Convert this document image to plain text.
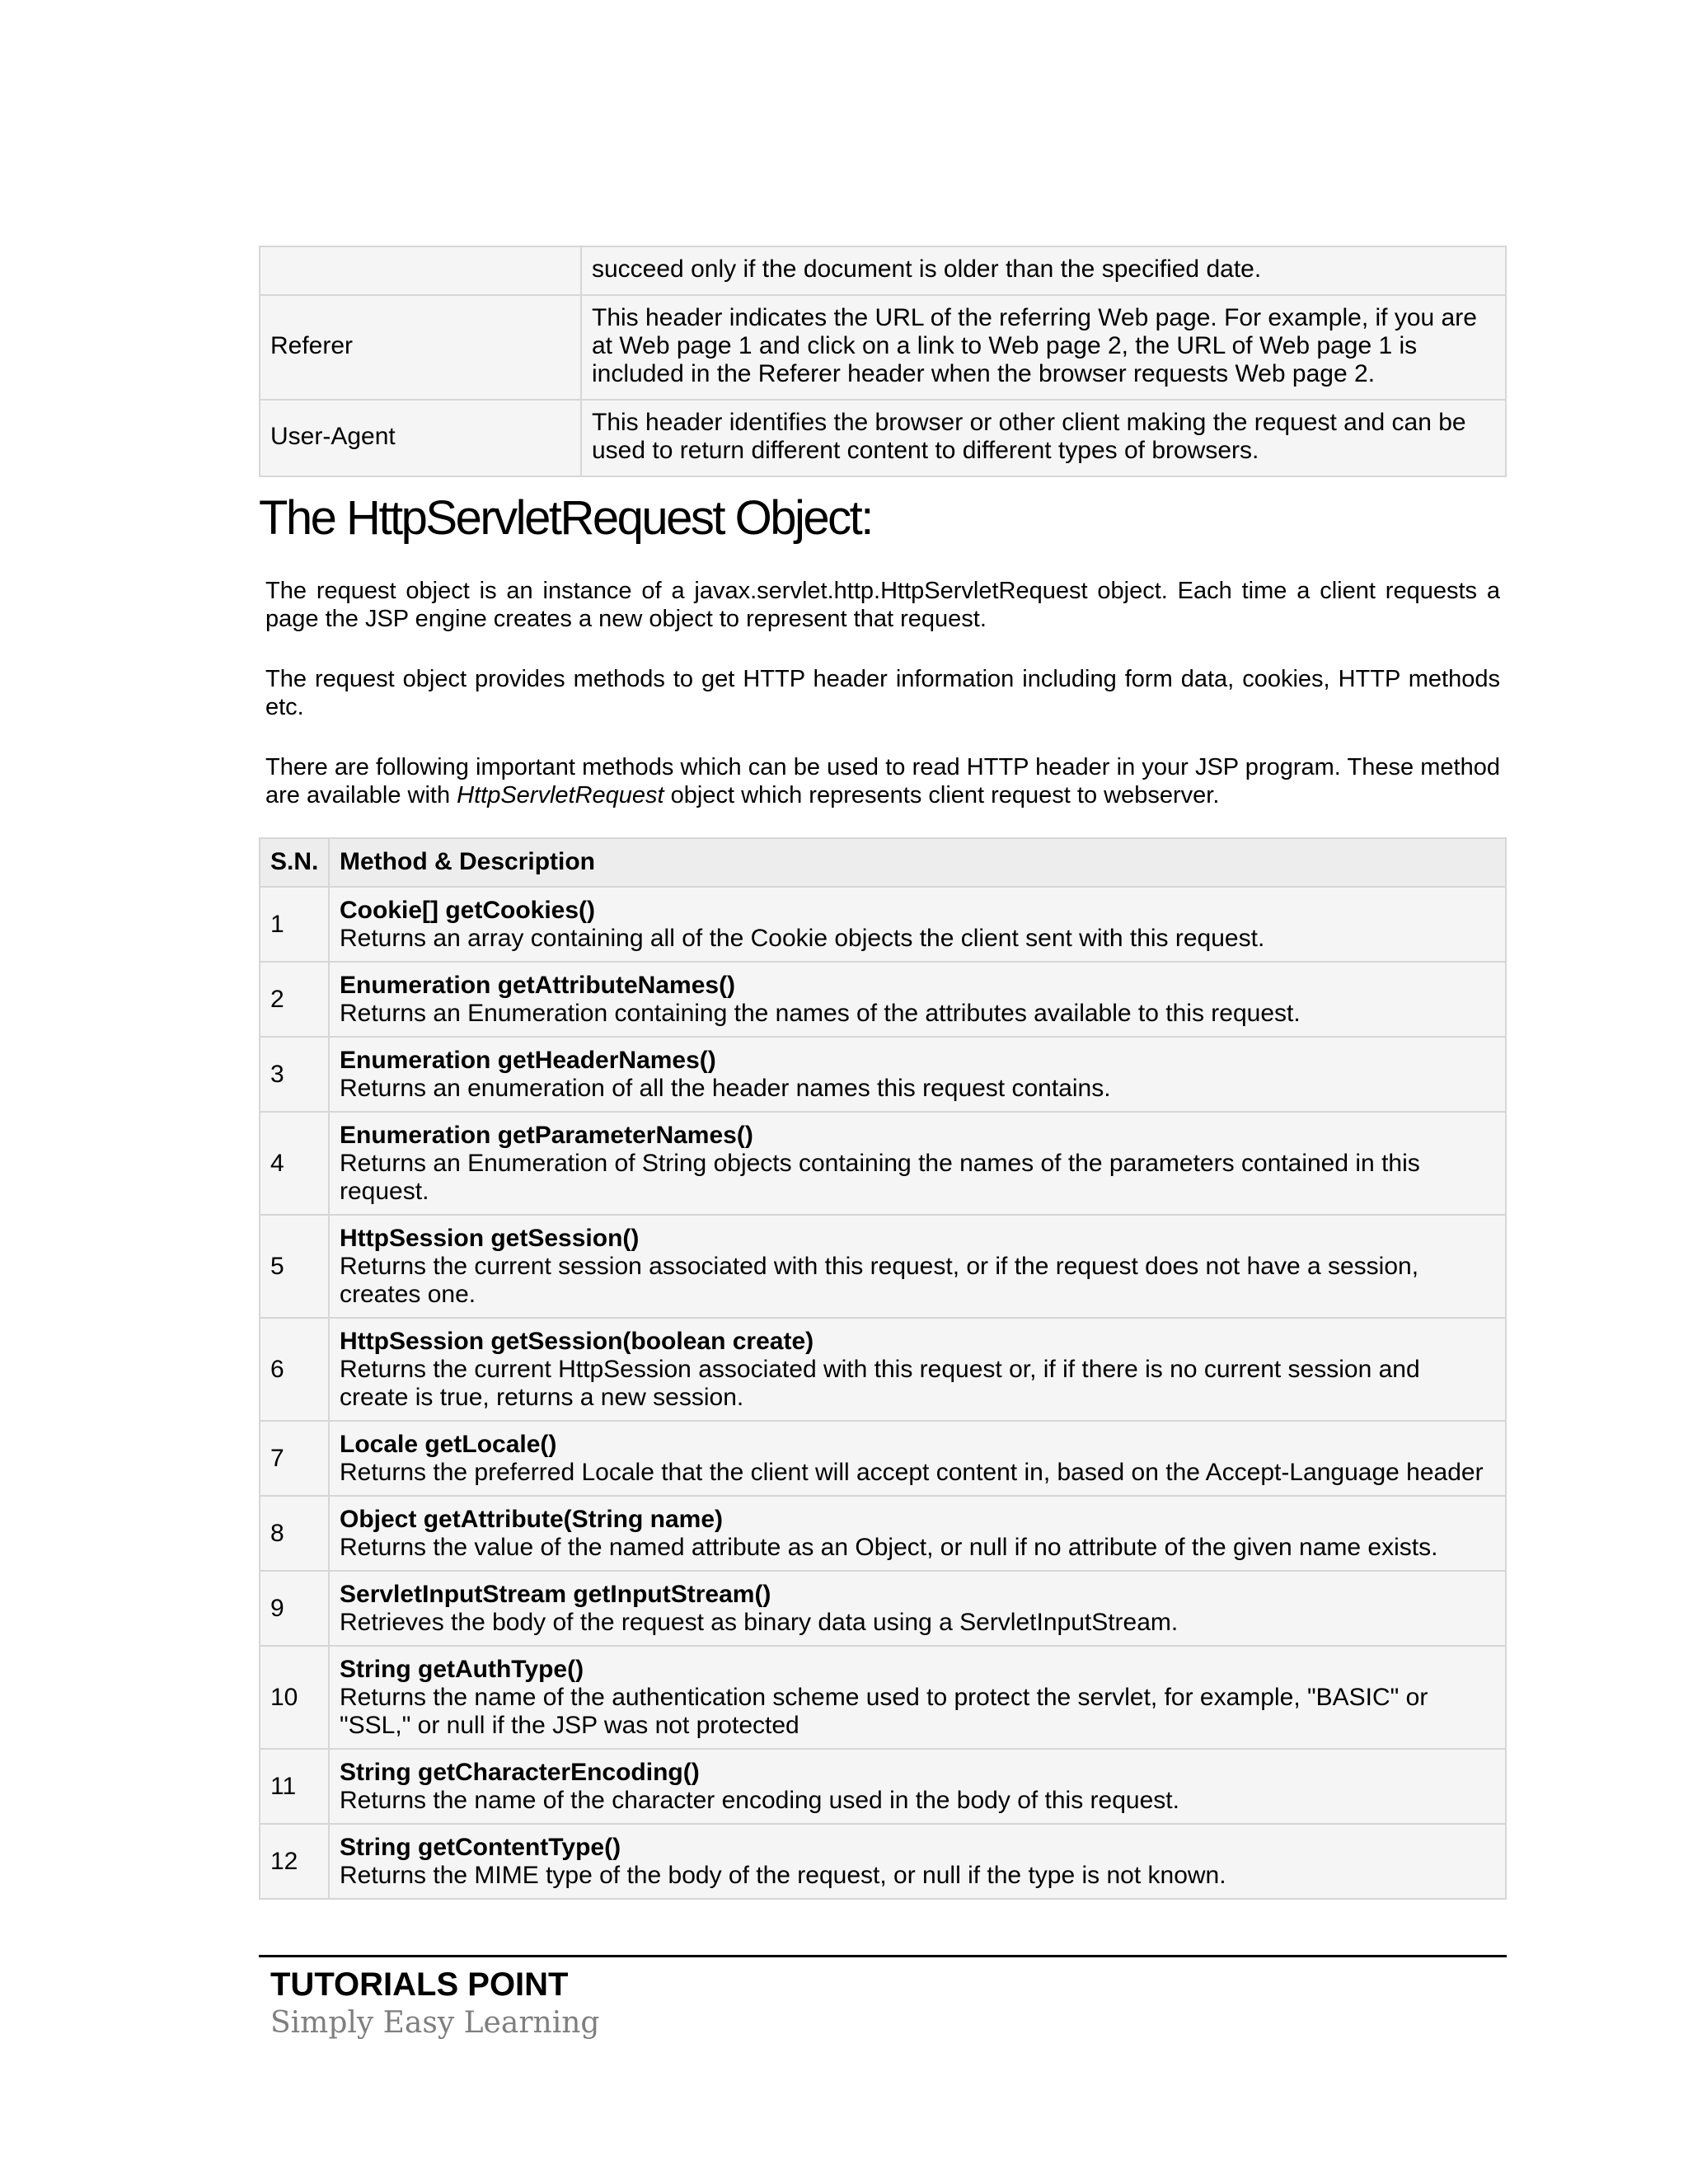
	succeed only if the document is older than the specified date.
Referer	This header indicates the URL of the referring Web page. For example, if you are at Web page 1 and click on a link to Web page 2, the URL of Web page 1 is included in the Referer header when the browser requests Web page 2.
User-Agent	This header identifies the browser or other client making the request and can be used to return different content to different types of browsers.
The HttpServletRequest Object:

The request object is an instance of a javax.servlet.http.HttpServletRequest object. Each time a client requests a page the JSP engine creates a new object to represent that request.

The request object provides methods to get HTTP header information including form data, cookies, HTTP methods etc.

There are following important methods which can be used to read HTTP header in your JSP program. These method are available with HttpServletRequest object which represents client request to webserver.

S.N.	Method & Description
1	Cookie[] getCookies()
Returns an array containing all of the Cookie objects the client sent with this request.

2	Enumeration getAttributeNames()
Returns an Enumeration containing the names of the attributes available to this request.

3	Enumeration getHeaderNames()
Returns an enumeration of all the header names this request contains.

4	Enumeration getParameterNames()
Returns an Enumeration of String objects containing the names of the parameters contained in this request.

5	HttpSession getSession()
Returns the current session associated with this request, or if the request does not have a session, creates one.

6	HttpSession getSession(boolean create)
Returns the current HttpSession associated with this request or, if if there is no current session and create is true, returns a new session.

7	Locale getLocale()
Returns the preferred Locale that the client will accept content in, based on the Accept-Language header

8	Object getAttribute(String name)
Returns the value of the named attribute as an Object, or null if no attribute of the given name exists.

9	ServletInputStream getInputStream()
Retrieves the body of the request as binary data using a ServletInputStream.

10	String getAuthType()
Returns the name of the authentication scheme used to protect the servlet, for example, "BASIC" or "SSL," or null if the JSP was not protected

11	String getCharacterEncoding()
Returns the name of the character encoding used in the body of this request.

12	String getContentType()
Returns the MIME type of the body of the request, or null if the type is not known.
TUTORIALS POINT
Simply Easy Learning
